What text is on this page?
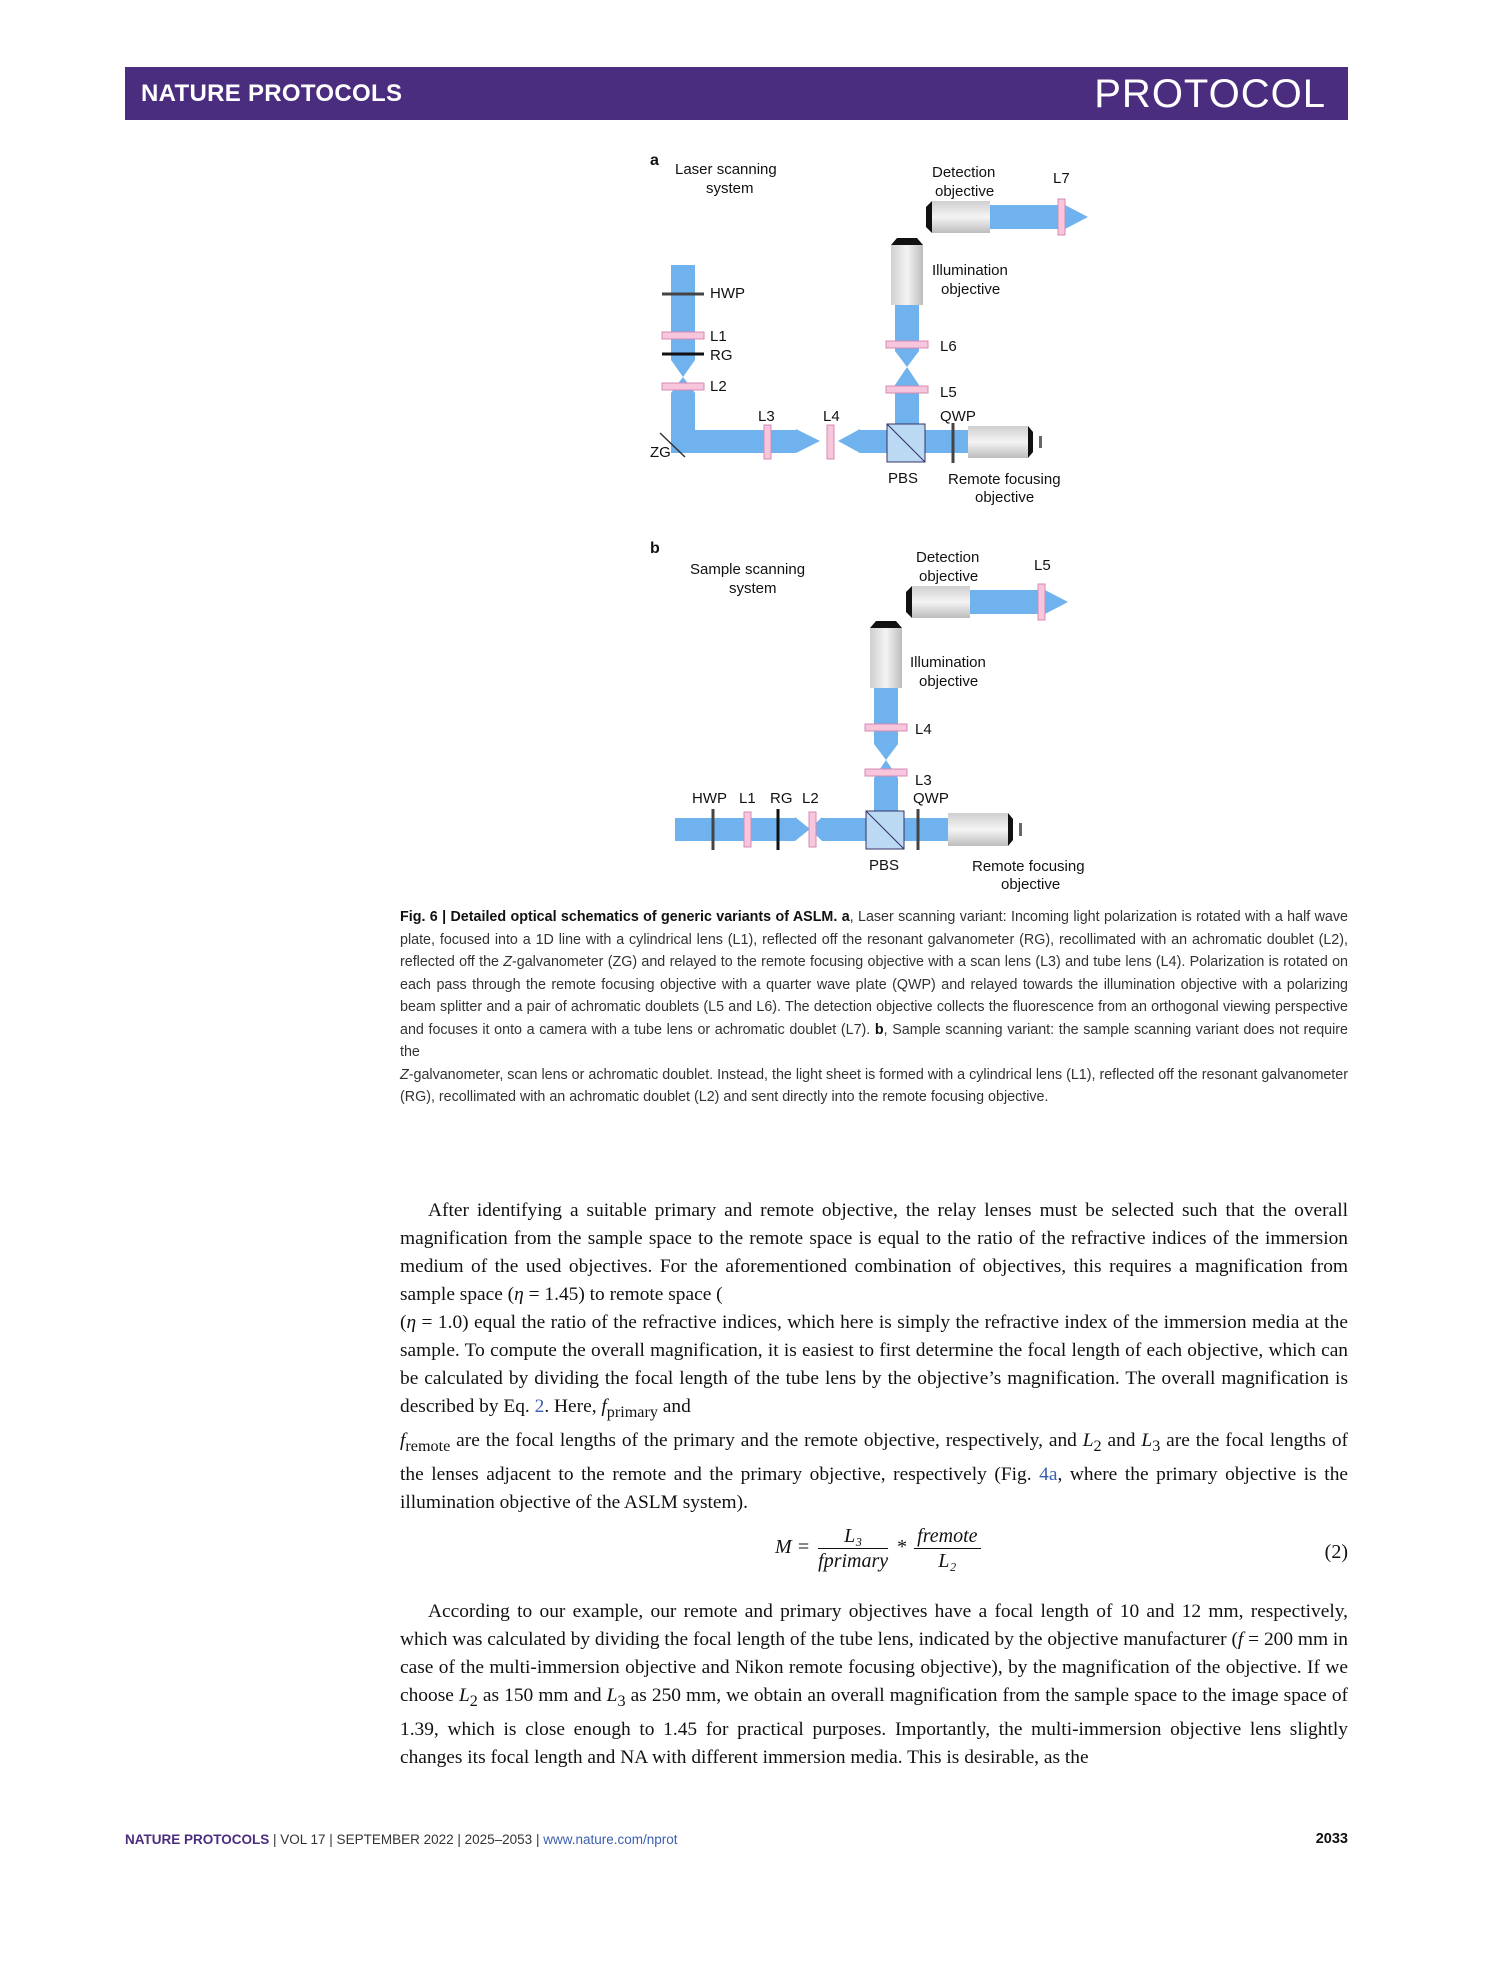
NATURE PROTOCOLS	PROTOCOL
a
Laser scanning
system
HWP
L1
RG
L2
ZG
L3	L4
PBS
QWP
Remote focusing
objective
L5
L6
Illumination
objective
Detection
objective
L7
b
Sample scanning
system
HWP L1 RG L2
PBS
QWP
Remote focusing
objective
L3
L4
Illumination
objective
Detection
objective
L5
Fig. 6 | Detailed optical schematics of generic variants of ASLM. a, Laser scanning variant: Incoming light polarization is rotated with a half wave plate, focused into a 1D line with a cylindrical lens (L1), reflected off the resonant galvanometer (RG), recollimated with an achromatic doublet (L2), reflected off the Z-galvanometer (ZG) and relayed to the remote focusing objective with a scan lens (L3) and tube lens (L4). Polarization is rotated on each pass through the remote focusing objective with a quarter wave plate (QWP) and relayed towards the illumination objective with a polarizing beam splitter and a pair of achromatic doublets (L5 and L6). The detection objective collects the fluorescence from an orthogonal viewing perspective and focuses it onto a camera with a tube lens or achromatic doublet (L7). b, Sample scanning variant: the sample scanning variant does not require the
Z-galvanometer, scan lens or achromatic doublet. Instead, the light sheet is formed with a cylindrical lens (L1), reflected off the resonant galvanometer (RG), recollimated with an achromatic doublet (L2) and sent directly into the remote focusing objective.

After identifying a suitable primary and remote objective, the relay lenses must be selected such that the overall magnification from the sample space to the remote space is equal to the ratio of the refractive indices of the immersion medium of the used objectives. For the aforementioned combination of objectives, this requires a magnification from sample space (η = 1.45) to remote space (
(η = 1.0) equal the ratio of the refractive indices, which here is simply the refractive index of the immersion media at the sample. To compute the overall magnification, it is easiest to first determine the focal length of each objective, which can be calculated by dividing the focal length of the tube lens by the objective’s magnification. The overall magnification is described by Eq. 2. Here, $f_{primary}$ and
$f_{remote}$ are the focal lengths of the primary and the remote objective, respectively, and $L_2$ and $L_3$ are the focal lengths of the lenses adjacent to the remote and the primary objective, respectively (Fig. 4a, where the primary objective is the illumination objective of the ASLM system).

$M = \frac{\text{L₃}}{\text{fprimary}} * \frac{\text{fremote}}{\text{L₂}}$	(2)

According to our example, our remote and primary objectives have a focal length of 10 and 12 mm, respectively, which was calculated by dividing the focal length of the tube lens, indicated by the objective manufacturer (f = 200 mm in case of the multi-immersion objective and Nikon remote focusing objective), by the magnification of the objective. If we choose $L_2$ as 150 mm and $L_3$ as 250 mm, we obtain an overall magnification from the sample space to the image space of 1.39, which is close enough to 1.45 for practical purposes. Importantly, the multi-immersion objective lens slightly changes its focal length and NA with different immersion media. This is desirable, as the

NATURE PROTOCOLS | VOL 17 | SEPTEMBER 2022 | 2025–2053 | www.nature.com/nprot	2033
